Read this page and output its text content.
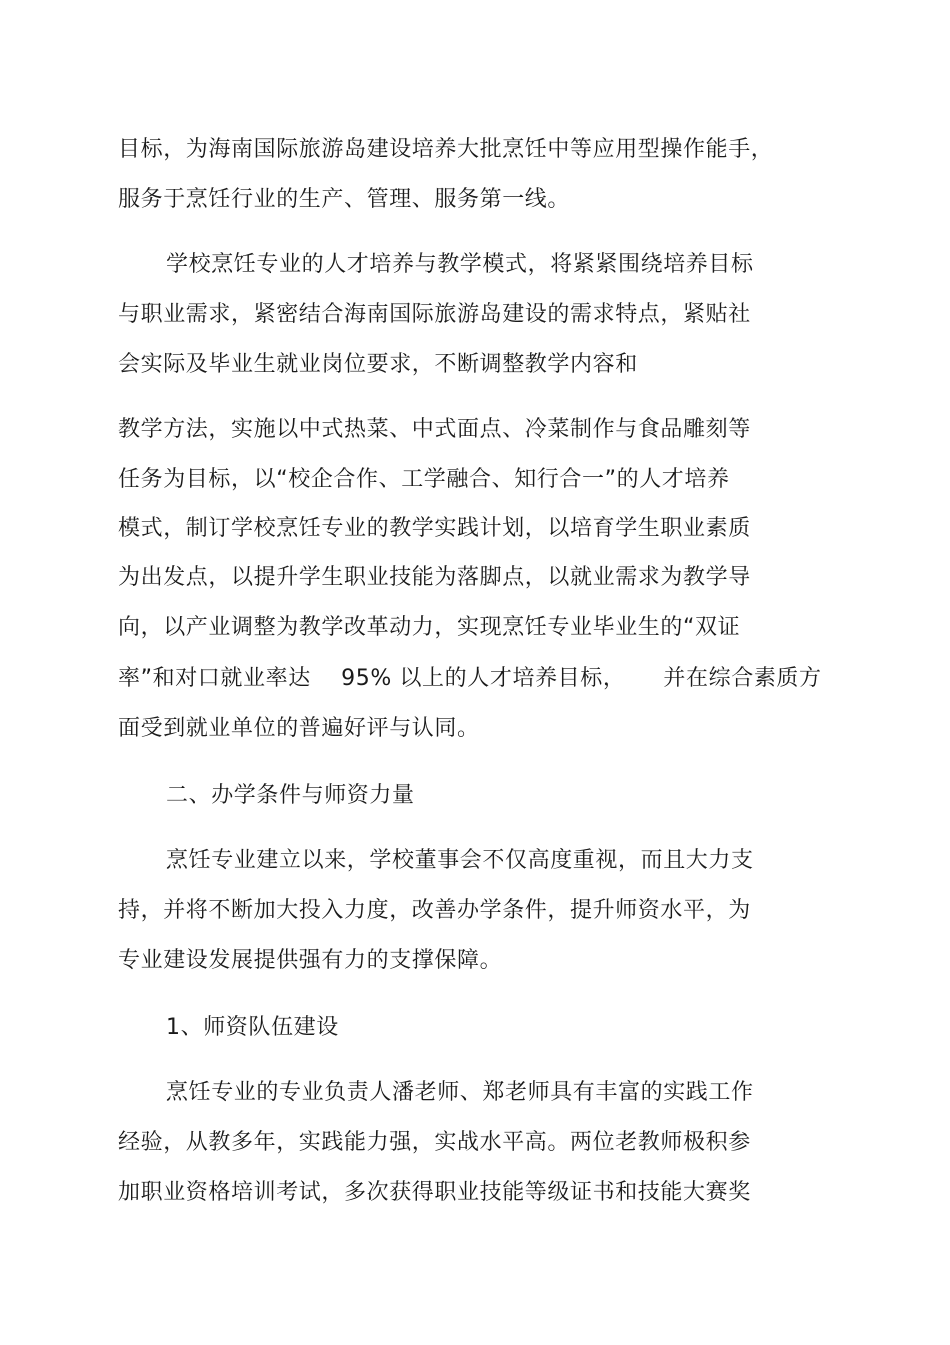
目标，为海南国际旅游岛建设培养大批烹饪中等应用型操作能手，
服务于烹饪行业的生产、管理、服务第一线。
学校烹饪专业的人才培养与教学模式，将紧紧围绕培养目标
与职业需求，紧密结合海南国际旅游岛建设的需求特点，紧贴社
会实际及毕业生就业岗位要求，不断调整教学内容和
教学方法，实施以中式热菜、中式面点、冷菜制作与食品雕刻等
任务为目标，以“校企合作、工学融合、知行合一”的人才培养
模式，制订学校烹饪专业的教学实践计划，以培育学生职业素质
为出发点，以提升学生职业技能为落脚点，以就业需求为教学导
向，以产业调整为教学改革动力，实现烹饪专业毕业生的“双证
率”和对口就业率达    95% 以上的人才培养目标，     并在综合素质方
面受到就业单位的普遍好评与认同。
二、办学条件与师资力量
烹饪专业建立以来，学校董事会不仅高度重视，而且大力支
持，并将不断加大投入力度，改善办学条件，提升师资水平，为
专业建设发展提供强有力的支撑保障。
1、师资队伍建设
烹饪专业的专业负责人潘老师、郑老师具有丰富的实践工作
经验，从教多年，实践能力强，实战水平高。两位老教师极积参
加职业资格培训考试，多次获得职业技能等级证书和技能大赛奖
